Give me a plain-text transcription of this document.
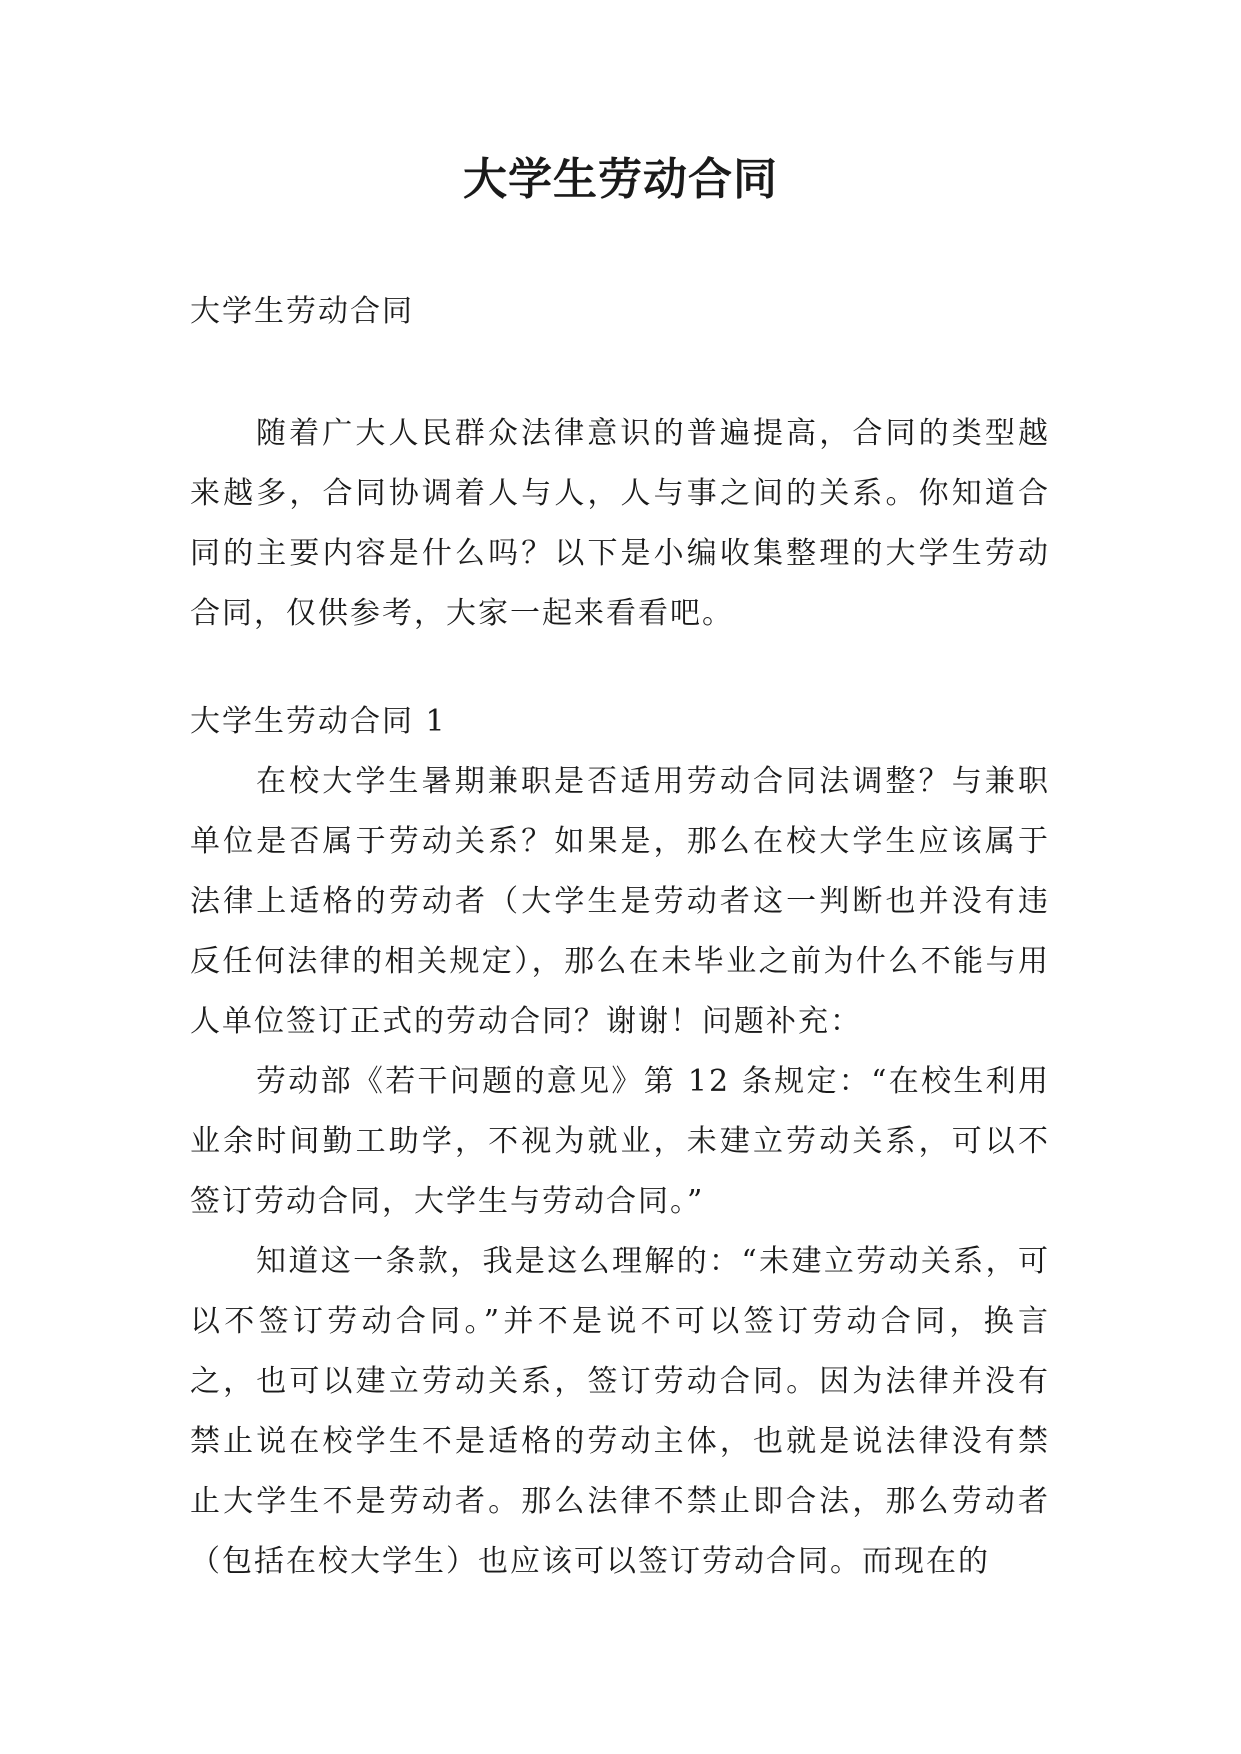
大学生劳动合同

大学生劳动合同

随着广大人民群众法律意识的普遍提高，合同的类型越来越多，合同协调着人与人，人与事之间的关系。你知道合同的主要内容是什么吗？以下是小编收集整理的大学生劳动合同，仅供参考，大家一起来看看吧。

大学生劳动合同 1

在校大学生暑期兼职是否适用劳动合同法调整？与兼职单位是否属于劳动关系？如果是，那么在校大学生应该属于法律上适格的劳动者（大学生是劳动者这一判断也并没有违反任何法律的相关规定），那么在未毕业之前为什么不能与用人单位签订正式的劳动合同？谢谢！问题补充：

劳动部《若干问题的意见》第 12 条规定：“在校生利用业余时间勤工助学，不视为就业，未建立劳动关系，可以不签订劳动合同，大学生与劳动合同。”

知道这一条款，我是这么理解的：“未建立劳动关系，可以不签订劳动合同。”并不是说不可以签订劳动合同，换言之，也可以建立劳动关系，签订劳动合同。因为法律并没有禁止说在校学生不是适格的劳动主体，也就是说法律没有禁止大学生不是劳动者。那么法律不禁止即合法，那么劳动者（包括在校大学生）也应该可以签订劳动合同。而现在的
